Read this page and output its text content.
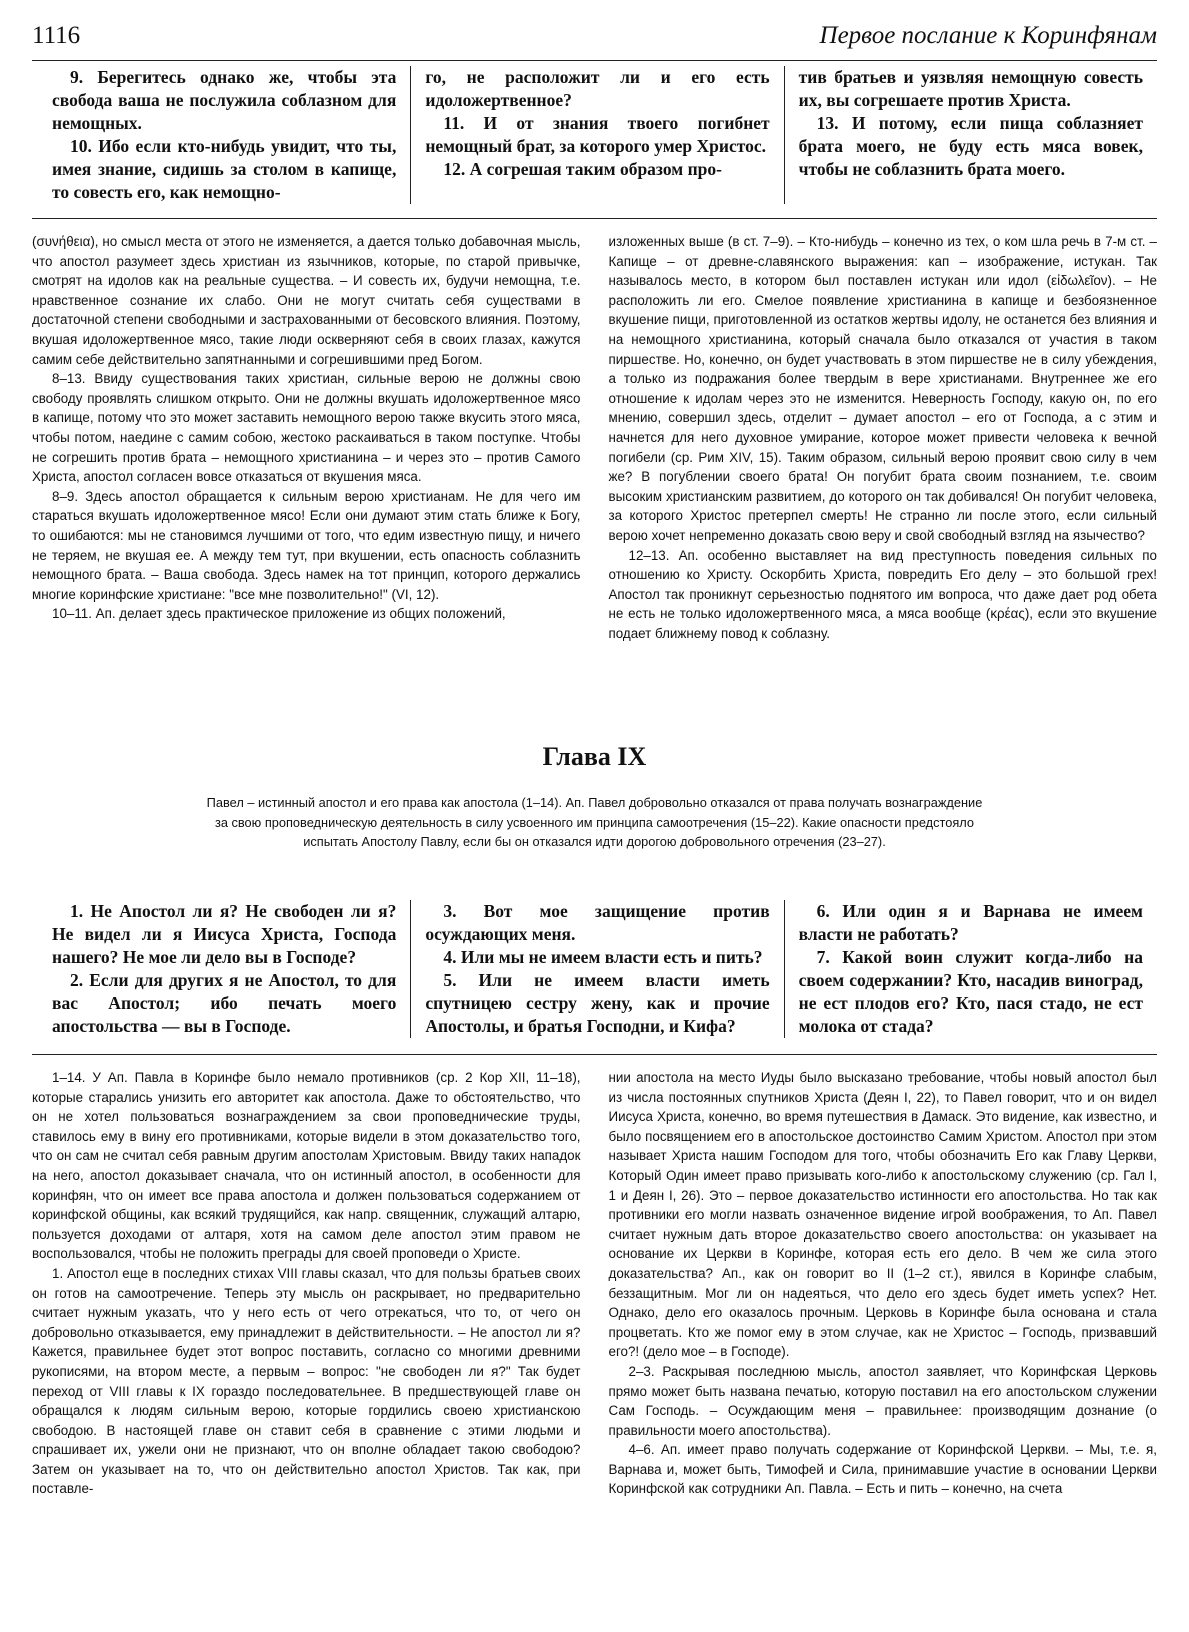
1116	Первое послание к Коринфянам

9. Берегитесь однако же, чтобы эта свобода ваша не послужила соблазном для немощных.

10. Ибо если кто-нибудь увидит, что ты, имея знание, сидишь за столом в капище, то совесть его, как немощно-

го, не расположит ли и его есть идоложертвенное?

11. И от знания твоего погибнет немощный брат, за которого умер Христос.

12. А согрешая таким образом про-

тив братьев и уязвляя немощную совесть их, вы согрешаете против Христа.

13. И потому, если пища соблазняет брата моего, не буду есть мяса вовек, чтобы не соблазнить брата моего.

(συνήθεια), но смысл места от этого не изменяется, а дается только добавочная мысль, что апостол разумеет здесь христиан из язычников, которые, по старой привычке, смотрят на идолов как на реальные существа. – И совесть их, будучи немощна, т.е. нравственное сознание их слабо. Они не могут считать себя существами в достаточной степени свободными и застрахованными от бесовского влияния. Поэтому, вкушая идоложертвенное мясо, такие люди оскверняют себя в своих глазах, кажутся самим себе действительно запятнанными и согрешившими пред Богом.

8–13. Ввиду существования таких христиан, сильные верою не должны свою свободу проявлять слишком открыто. Они не должны вкушать идоложертвенное мясо в капище, потому что это может заставить немощного верою также вкусить этого мяса, чтобы потом, наедине с самим собою, жестоко раскаиваться в таком поступке. Чтобы не согрешить против брата – немощного христианина – и через это – против Самого Христа, апостол согласен вовсе отказаться от вкушения мяса.

8–9. Здесь апостол обращается к сильным верою христианам. Не для чего им стараться вкушать идоложертвенное мясо! Если они думают этим стать ближе к Богу, то ошибаются: мы не становимся лучшими от того, что едим известную пищу, и ничего не теряем, не вкушая ее. А между тем тут, при вкушении, есть опасность соблазнить немощного брата. – Ваша свобода. Здесь намек на тот принцип, которого держались многие коринфские христиане: "все мне позволительно!" (VI, 12).

10–11. Ап. делает здесь практическое приложение из общих положений,

изложенных выше (в ст. 7–9). – Кто-нибудь – конечно из тех, о ком шла речь в 7-м ст. – Капище – от древне-славянского выражения: кап – изображение, истукан. Так называлось место, в котором был поставлен истукан или идол (εἰδωλεῖον). – Не расположить ли его. Смелое появление христианина в капище и безбоязненное вкушение пищи, приготовленной из остатков жертвы идолу, не останется без влияния и на немощного христианина, который сначала было отказался от участия в таком пиршестве. Но, конечно, он будет участвовать в этом пиршестве не в силу убеждения, а только из подражания более твердым в вере христианами. Внутреннее же его отношение к идолам через это не изменится. Неверность Господу, какую он, по его мнению, совершил здесь, отделит – думает апостол – его от Господа, а с этим и начнется для него духовное умирание, которое может привести человека к вечной погибели (ср. Рим XIV, 15). Таким образом, сильный верою проявит свою силу в чем же? В погублении своего брата! Он погубит брата своим познанием, т.е. своим высоким христианским развитием, до которого он так добивался! Он погубит человека, за которого Христос претерпел смерть! Не странно ли после этого, если сильный верою хочет непременно доказать свою веру и свой свободный взгляд на язычество?

12–13. Ап. особенно выставляет на вид преступность поведения сильных по отношению ко Христу. Оскорбить Христа, повредить Его делу – это большой грех! Апостол так проникнут серьезностью поднятого им вопроса, что даже дает род обета не есть не только идоложертвенного мяса, а мяса вообще (κρέας), если это вкушение подает ближнему повод к соблазну.

Глава IX
Павел – истинный апостол и его права как апостола (1–14). Ап. Павел добровольно отказался от права получать вознаграждение за свою проповедническую деятельность в силу усвоенного им принципа самоотречения (15–22). Какие опасности предстояло испытать Апостолу Павлу, если бы он отказался идти дорогою добровольного отречения (23–27).

1. Не Апостол ли я? Не свободен ли я? Не видел ли я Иисуса Христа, Господа нашего? Не мое ли дело вы в Господе?

2. Если для других я не Апостол, то для вас Апостол; ибо печать моего апостольства — вы в Господе.

3. Вот мое защищение против осуждающих меня.

4. Или мы не имеем власти есть и пить?

5. Или не имеем власти иметь спутницею сестру жену, как и прочие Апостолы, и братья Господни, и Кифа?

6. Или один я и Варнава не имеем власти не работать?

7. Какой воин служит когда-либо на своем содержании? Кто, насадив виноград, не ест плодов его? Кто, пася стадо, не ест молока от стада?

1–14. У Ап. Павла в Коринфе было немало противников (ср. 2 Кор XII, 11–18), которые старались унизить его авторитет как апостола. Даже то обстоятельство, что он не хотел пользоваться вознаграждением за свои проповеднические труды, ставилось ему в вину его противниками, которые видели в этом доказательство того, что он сам не считал себя равным другим апостолам Христовым. Ввиду таких нападок на него, апостол доказывает сначала, что он истинный апостол, в особенности для коринфян, что он имеет все права апостола и должен пользоваться содержанием от коринфской общины, как всякий трудящийся, как напр. священник, служащий алтарю, пользуется доходами от алтаря, хотя на самом деле апостол этим правом не воспользовался, чтобы не положить преграды для своей проповеди о Христе.

1. Апостол еще в последних стихах VIII главы сказал, что для пользы братьев своих он готов на самоотречение. Теперь эту мысль он раскрывает, но предварительно считает нужным указать, что у него есть от чего отрекаться, что то, от чего он добровольно отказывается, ему принадлежит в действительности. – Не апостол ли я? Кажется, правильнее будет этот вопрос поставить, согласно со многими древними рукописями, на втором месте, а первым – вопрос: "не свободен ли я?" Так будет переход от VIII главы к IX гораздо последовательнее. В предшествующей главе он обращался к людям сильным верою, которые гордились своею христианскою свободою. В настоящей главе он ставит себя в сравнение с этими людьми и спрашивает их, ужели они не признают, что он вполне обладает такою свободою? Затем он указывает на то, что он действительно апостол Христов. Так как, при поставле-

нии апостола на место Иуды было высказано требование, чтобы новый апостол был из числа постоянных спутников Христа (Деян I, 22), то Павел говорит, что и он видел Иисуса Христа, конечно, во время путешествия в Дамаск. Это видение, как известно, и было посвящением его в апостольское достоинство Самим Христом. Апостол при этом называет Христа нашим Господом для того, чтобы обозначить Его как Главу Церкви, Который Один имеет право призывать кого-либо к апостольскому служению (ср. Гал I, 1 и Деян I, 26). Это – первое доказательство истинности его апостольства. Но так как противники его могли назвать означенное видение игрой воображения, то Ап. Павел считает нужным дать второе доказательство своего апостольства: он указывает на основание их Церкви в Коринфе, которая есть его дело. В чем же сила этого доказательства? Ап., как он говорит во II (1–2 ст.), явился в Коринфе слабым, беззащитным. Мог ли он надеяться, что дело его здесь будет иметь успех? Нет. Однако, дело его оказалось прочным. Церковь в Коринфе была основана и стала процветать. Кто же помог ему в этом случае, как не Христос – Господь, призвавший его?! (дело мое – в Господе).

2–3. Раскрывая последнюю мысль, апостол заявляет, что Коринфская Церковь прямо может быть названа печатью, которую поставил на его апостольском служении Сам Господь. – Осуждающим меня – правильнее: производящим дознание (о правильности моего апостольства).

4–6. Ап. имеет право получать содержание от Коринфской Церкви. – Мы, т.е. я, Варнава и, может быть, Тимофей и Сила, принимавшие участие в основании Церкви Коринфской как сотрудники Ап. Павла. – Есть и пить – конечно, на счета
